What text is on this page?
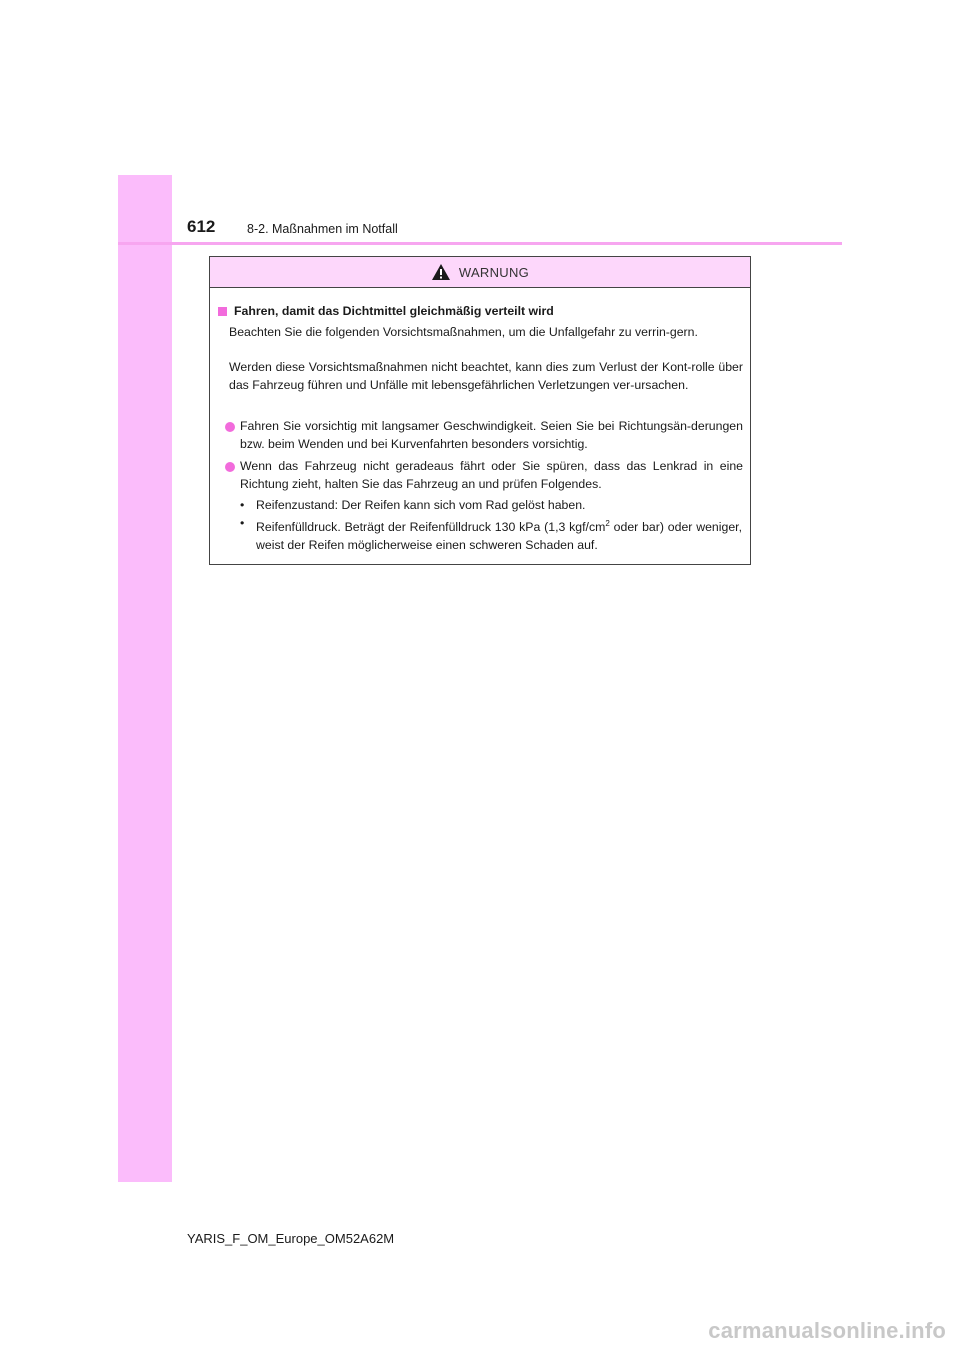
612	8-2. Maßnahmen im Notfall
WARNUNG
Fahren, damit das Dichtmittel gleichmäßig verteilt wird
Beachten Sie die folgenden Vorsichtsmaßnahmen, um die Unfallgefahr zu verrin-gern.
Werden diese Vorsichtsmaßnahmen nicht beachtet, kann dies zum Verlust der Kont-rolle über das Fahrzeug führen und Unfälle mit lebensgefährlichen Verletzungen ver-ursachen.
Fahren Sie vorsichtig mit langsamer Geschwindigkeit. Seien Sie bei Richtungsän-derungen bzw. beim Wenden und bei Kurvenfahrten besonders vorsichtig.
Wenn das Fahrzeug nicht geradeaus fährt oder Sie spüren, dass das Lenkrad in eine Richtung zieht, halten Sie das Fahrzeug an und prüfen Folgendes.
• Reifenzustand: Der Reifen kann sich vom Rad gelöst haben.
• Reifenfülldruck. Beträgt der Reifenfülldruck 130 kPa (1,3 kgf/$cm^2$ oder bar) oder weniger, weist der Reifen möglicherweise einen schweren Schaden auf.
YARIS_F_OM_Europe_OM52A62M
carmanualsonline.info
